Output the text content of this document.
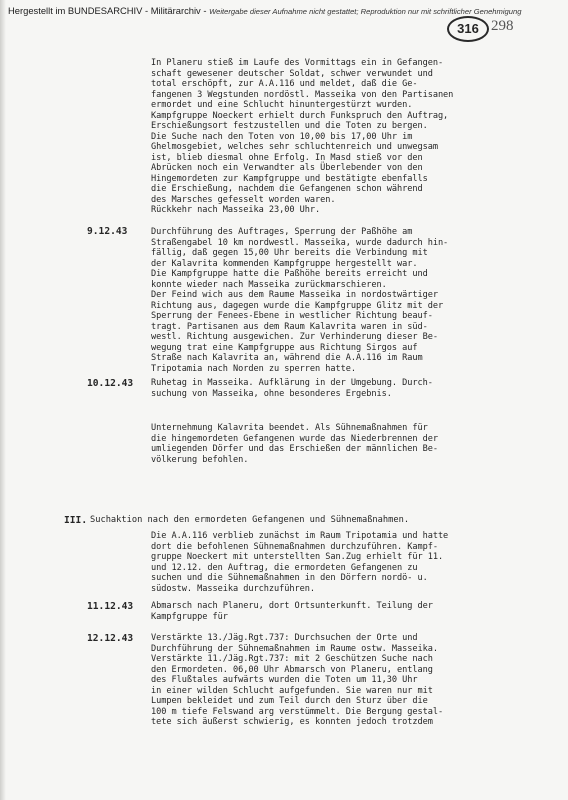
Hergestellt im BUNDESARCHIV - Militärarchiv - Weitergabe dieser Aufnahme nicht gestattet; Reproduktion nur mit schriftlicher Genehmigung
316 298
In Planeru stieß im Laufe des Vormittags ein in Gefangen-
schaft gewesener deutscher Soldat, schwer verwundet und
total erschöpft, zur A.A.116 und meldet, daß die Ge-
fangenen 3 Wegstunden nordöstl. Masseika von den Partisanen
ermordet und eine Schlucht hinuntergestürzt wurden.
Kampfgruppe Noeckert erhielt durch Funkspruch den Auftrag,
Erschießungsort festzustellen und die Toten zu bergen.
Die Suche nach den Toten von 10,00 bis 17,00 Uhr im
Ghelmosgebiet, welches sehr schluchtenreich und unwegsam
ist, blieb diesmal ohne Erfolg. In Masd stieß vor den
Abrücken noch ein Verwandter als Überlebender von den
Hingemordeten zur Kampfgruppe und bestätigte ebenfalls
die Erschießung, nachdem die Gefangenen schon während
des Marsches gefesselt worden waren.
Rückkehr nach Masseika 23,00 Uhr.
9.12.43	Durchführung des Auftrages, Sperrung der Paßhöhe am
Straßengabel 10 km nordwestl. Masseika, wurde dadurch hin-
fällig, daß gegen 15,00 Uhr bereits die Verbindung mit
der Kalavrita kommenden Kampfgruppe hergestellt war.
Die Kampfgruppe hatte die Paßhöhe bereits erreicht und
konnte wieder nach Masseika zurückmarschieren.
Der Feind wich aus dem Raume Masseika in nordostwärtiger
Richtung aus, dagegen wurde die Kampfgruppe Glitz mit der
Sperrung der Fenees-Ebene in westlicher Richtung beauf-
tragt. Partisanen aus dem Raum Kalavrita waren in süd-
westl. Richtung ausgewichen. Zur Verhinderung dieser Be-
wegung trat eine Kampfgruppe aus Richtung Sirgos auf
Straße nach Kalavrita an, während die A.A.116 im Raum
Tripotamia nach Norden zu sperren hatte.
10.12.43 Ruhetag in Masseika. Aufklärung in der Umgebung. Durch-
suchung von Masseika, ohne besonderes Ergebnis.
Unternehmung Kalavrita beendet. Als Sühnemaßnahmen für
die hingemordeten Gefangenen wurde das Niederbrennen der
umliegenden Dörfer und das Erschießen der männlichen Be-
völkerung befohlen.
III. Suchaktion nach den ermordeten Gefangenen und Sühnemaßnahmen.
Die A.A.116 verblieb zunächst im Raum Tripotamia und hatte
dort die befohlenen Sühnemaßnahmen durchzuführen. Kampf-
gruppe Noeckert mit unterstellten San.Zug erhielt für 11.
und 12.12. den Auftrag, die ermordeten Gefangenen zu
suchen und die Sühnemaßnahmen in den Dörfern nordö- u.
südostw. Masseika durchzuführen.
11.12.43 Abmarsch nach Planeru, dort Ortsunterkunft. Teilung der
Kampfgruppe für
12.12.43 Verstärkte 13./Jäg.Rgt.737: Durchsuchen der Orte und
Durchführung der Sühnemaßnahmen im Raume ostw. Masseika.
Verstärkte 11./Jäg.Rgt.737: mit 2 Geschützen Suche nach
den Ermordeten. 06,00 Uhr Abmarsch von Planeru, entlang
des Flußtales aufwärts wurden die Toten um 11,30 Uhr
in einer wilden Schlucht aufgefunden. Sie waren nur mit
Lumpen bekleidet und zum Teil durch den Sturz über die
100 m tiefe Felswand arg verstümmelt. Die Bergung gestal-
tete sich äußerst schwierig, es konnten jedoch trotzdem
